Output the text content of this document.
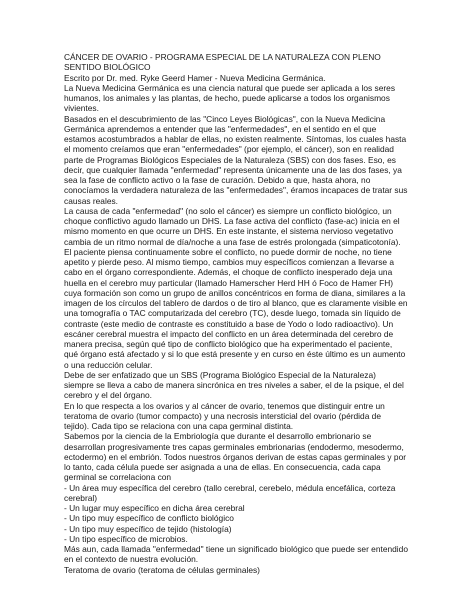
CÁNCER DE OVARIO - PROGRAMA ESPECIAL DE LA NATURALEZA CON PLENO SENTIDO BIOLÓGICO

Escrito por Dr. med. Ryke Geerd Hamer - Nueva Medicina Germánica.

La Nueva Medicina Germánica es una ciencia natural que puede ser aplicada a los seres humanos, los animales y las plantas, de hecho, puede aplicarse a todos los organismos vivientes.

Basados en el descubrimiento de las "Cinco Leyes Biológicas", con la Nueva Medicina Germánica aprendemos a entender que las "enfermedades", en el sentido en el que estamos acostumbrados a hablar de ellas, no existen realmente. Síntomas, los cuales hasta el momento creíamos que eran "enfermedades" (por ejemplo, el cáncer), son en realidad parte de Programas Biológicos Especiales de la Naturaleza (SBS) con dos fases. Eso, es decir, que cualquier llamada "enfermedad" representa únicamente una de las dos fases, ya sea la fase de conflicto activo o la fase de curación. Debido a que, hasta ahora, no conocíamos la verdadera naturaleza de las "enfermedades", éramos incapaces de tratar sus causas reales.

La causa de cada "enfermedad" (no solo el cáncer) es siempre un conflicto biológico, un choque conflictivo agudo llamado un DHS. La fase activa del conflicto (fase-ac) inicia en el mismo momento en que ocurre un DHS. En este instante, el sistema nervioso vegetativo cambia de un ritmo normal de día/noche a una fase de estrés prolongada (simpaticotonía). El paciente piensa continuamente sobre el conflicto, no puede dormir de noche, no tiene apetito y pierde peso. Al mismo tiempo, cambios muy específicos comienzan a llevarse a cabo en el órgano correspondiente. Además, el choque de conflicto inesperado deja una huella en el cerebro muy particular (llamado Hamerscher Herd HH ó Foco de Hamer FH) cuya formación son como un grupo de anillos concéntricos en forma de diana, similares a la imagen de los círculos del tablero de dardos o de tiro al blanco, que es claramente visible en una tomografía o TAC computarizada del cerebro (TC), desde luego, tomada sin líquido de contraste (este medio de contraste es constituido a base de Yodo o Iodo radioactivo). Un escáner cerebral muestra el impacto del conflicto en un área determinada del cerebro de manera precisa, según qué tipo de conflicto biológico que ha experimentado el paciente, qué órgano está afectado y si lo que está presente y en curso en éste último es un aumento o una reducción celular.

Debe de ser enfatizado que un SBS (Programa Biológico Especial de la Naturaleza) siempre se lleva a cabo de manera sincrónica en tres niveles a saber, el de la psique, el del cerebro y el del órgano.

En lo que respecta a los ovarios y al cáncer de ovario, tenemos que distinguir entre un teratoma de ovario (tumor compacto) y una necrosis intersticial del ovario (pérdida de tejido). Cada tipo se relaciona con una capa germinal distinta.

Sabemos por la ciencia de la Embriología que durante el desarrollo embrionario se desarrollan progresivamente tres capas germinales embrionarias (endodermo, mesodermo, ectodermo) en el embrión. Todos nuestros órganos derivan de estas capas germinales y por lo tanto, cada célula puede ser asignada a una de ellas. En consecuencia, cada capa germinal se correlaciona con

- Un área muy específica del cerebro (tallo cerebral, cerebelo, médula encefálica, corteza cerebral)

- Un lugar muy específico en dicha área cerebral

- Un tipo muy específico de conflicto biológico

- Un tipo muy específico de tejido (histología)

- Un tipo específico de microbios.

Más aun, cada llamada "enfermedad" tiene un significado biológico que puede ser entendido en el contexto de nuestra evolución.

Teratoma de ovario (teratoma de células germinales)
